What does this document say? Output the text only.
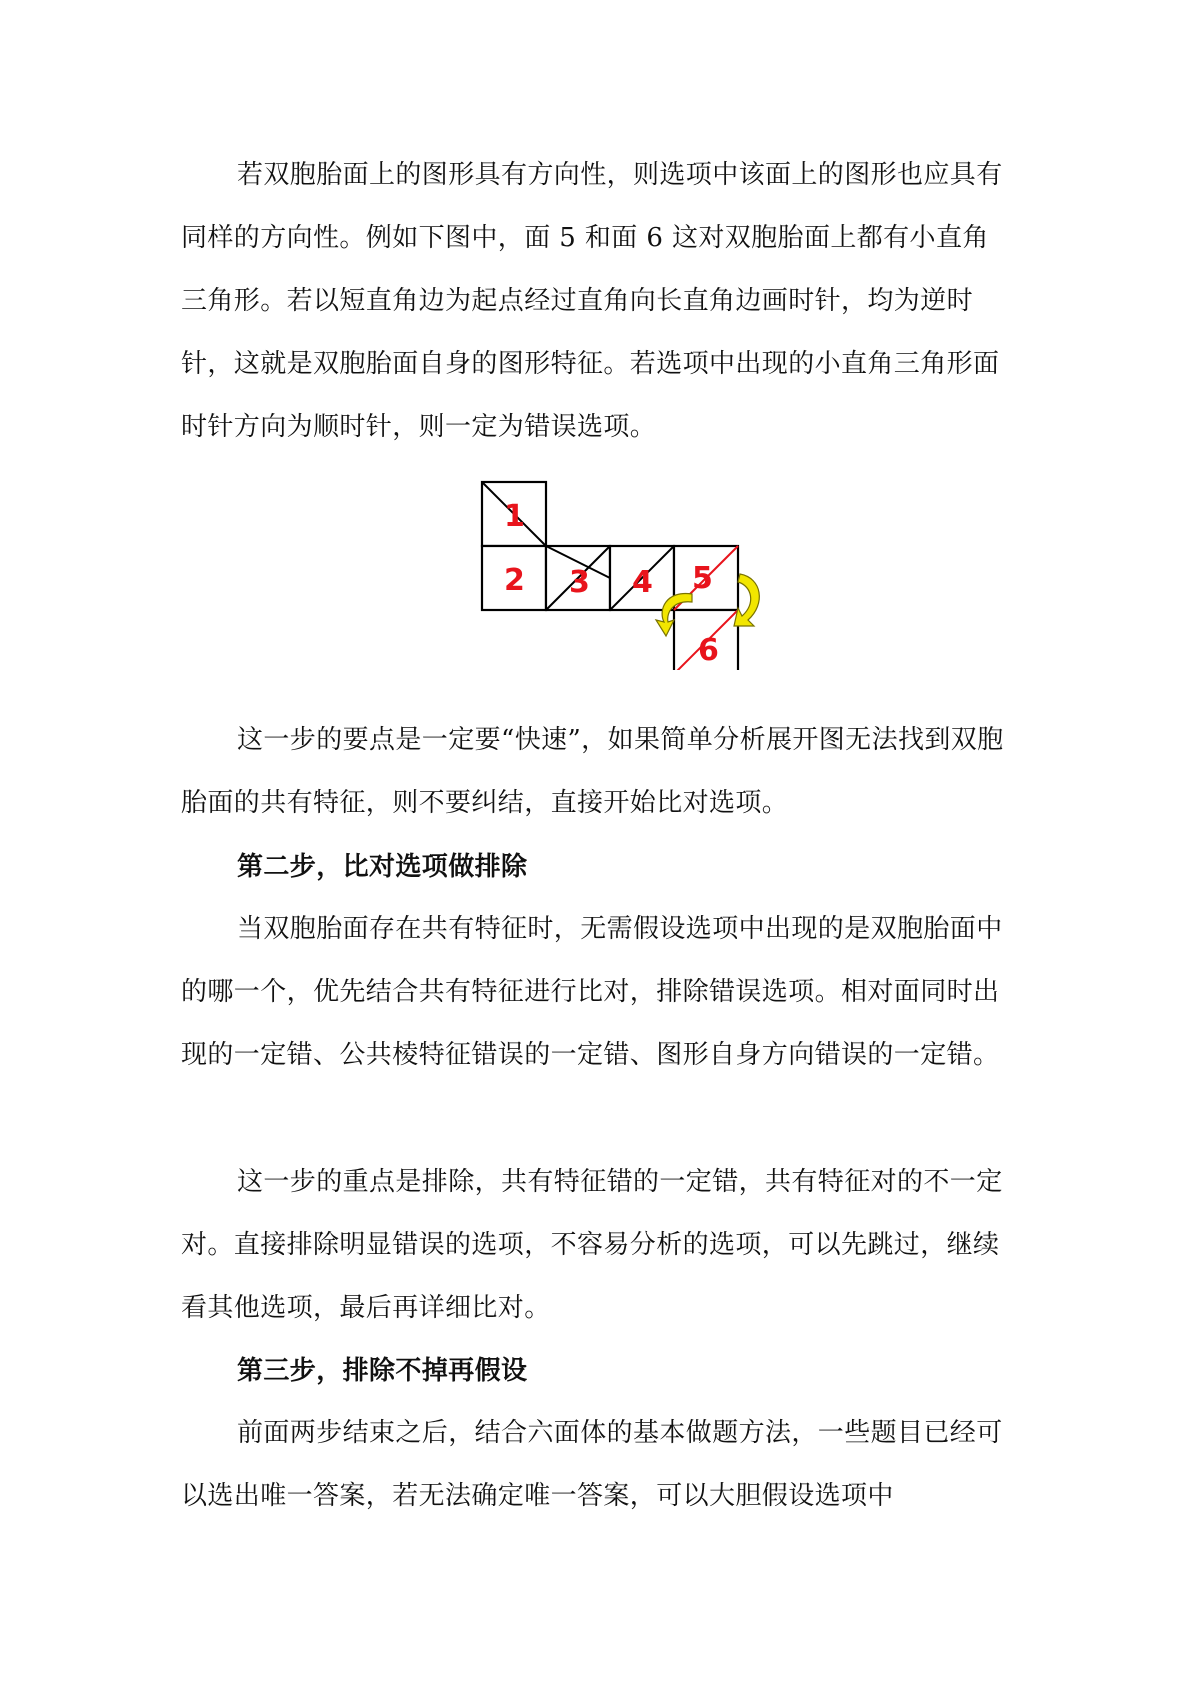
若双胞胎面上的图形具有方向性，则选项中该面上的图形也应具有同样的方向性。例如下图中，面 5 和面 6 这对双胞胎面上都有小直角三角形。若以短直角边为起点经过直角向长直角边画时针，均为逆时针，这就是双胞胎面自身的图形特征。若选项中出现的小直角三角形面时针方向为顺时针，则一定为错误选项。

1
2 3 4 5
6

这一步的要点是一定要“快速”，如果简单分析展开图无法找到双胞胎面的共有特征，则不要纠结，直接开始比对选项。

第二步，比对选项做排除

当双胞胎面存在共有特征时，无需假设选项中出现的是双胞胎面中的哪一个，优先结合共有特征进行比对，排除错误选项。相对面同时出现的一定错、公共棱特征错误的一定错、图形自身方向错误的一定错。

这一步的重点是排除，共有特征错的一定错，共有特征对的不一定对。直接排除明显错误的选项，不容易分析的选项，可以先跳过，继续看其他选项，最后再详细比对。

第三步，排除不掉再假设

前面两步结束之后，结合六面体的基本做题方法，一些题目已经可以选出唯一答案，若无法确定唯一答案，可以大胆假设选项中
